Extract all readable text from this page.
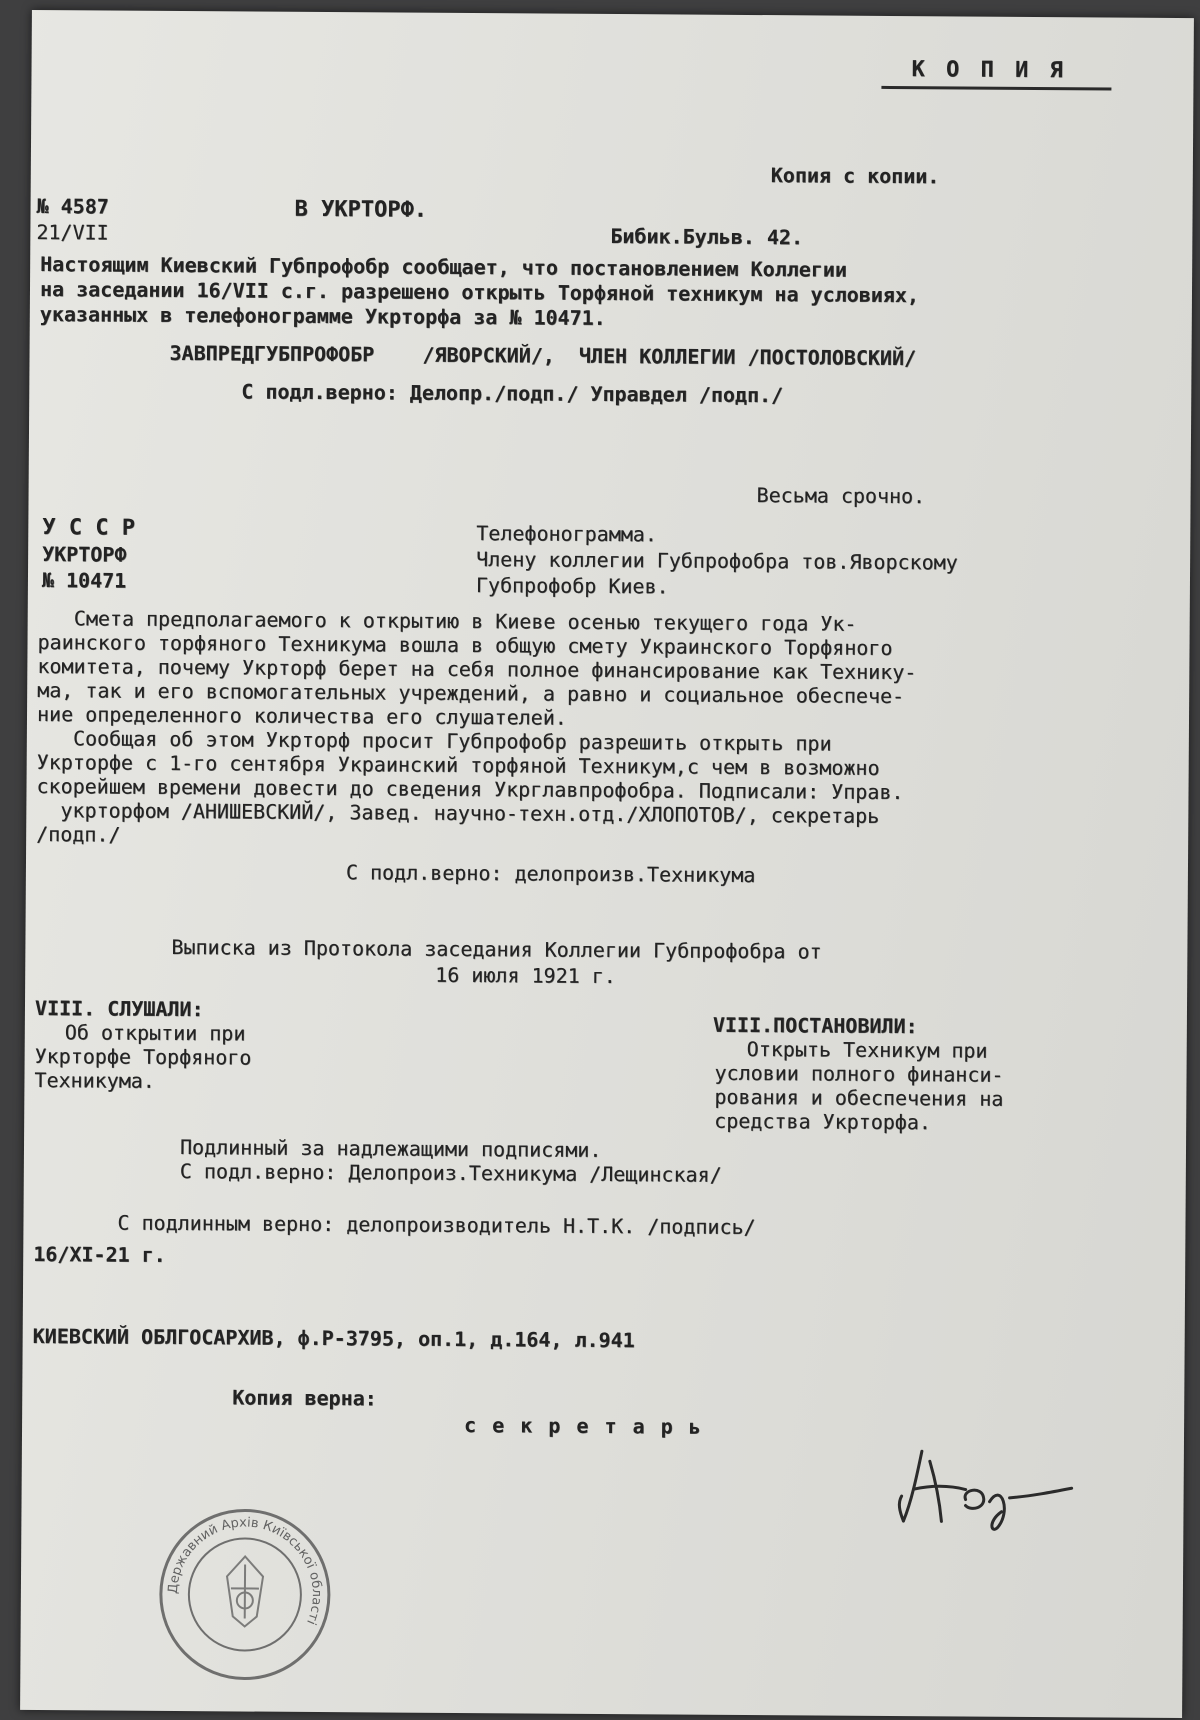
К О П И Я
Копия с копии.
№ 4587
21/VII
В УКРТОРФ.
Бибик.Бульв. 42.
Настоящим Киевский Губпрофобр сообщает, что постановлением Коллегии
на заседании 16/VII с.г. разрешено открыть Торфяной техникум на условиях,
указанных в телефонограмме Укрторфа за № 10471.
ЗАВПРЕДГУБПРОФОБР    /ЯВОРСКИЙ/,  ЧЛЕН КОЛЛЕГИИ /ПОСТОЛОВСКИЙ/
С подл.верно: Делопр./подп./ Управдел /подп./
Весьма срочно.
У С С Р
УКРТОРФ
№ 10471
Телефонограмма.
Члену коллегии Губпрофобра тов.Яворскому
Губпрофобр Киев.
Смета предполагаемого к открытию в Киеве осенью текущего года Ук-
раинского торфяного Техникума вошла в общую смету Украинского Торфяного
комитета, почему Укрторф берет на себя полное финансирование как Технику-
ма, так и его вспомогательных учреждений, а равно и социальное обеспече-
ние определенного количества его слушателей.
Сообщая об этом Укрторф просит Губпрофобр разрешить открыть при
Укрторфе с 1-го сентября Украинский торфяной Техникум,с чем в возможно
скорейшем времени довести до сведения Укрглавпрофобра. Подписали: Управ.
укрторфом /АНИШЕВСКИЙ/, Завед. научно-техн.отд./ХЛОПОТОВ/, секретарь
/подп./
С подл.верно: делопроизв.Техникума
Выписка из Протокола заседания Коллегии Губпрофобра от
16 июля 1921 г.
VIII. СЛУШАЛИ:
Об открытии при
Укрторфе Торфяного
Техникума.
VIII.ПОСТАНОВИЛИ:
Открыть Техникум при
условии полного финанси-
рования и обеспечения на
средства Укрторфа.
Подлинный за надлежащими подписями.
С подл.верно: Делопроиз.Техникума /Лещинская/
С подлинным верно: делопроизводитель Н.Т.К. /подпись/
16/XI-21 г.
КИЕВСКИЙ ОБЛГОСАРХИВ, ф.Р-3795, оп.1, д.164, л.941
Копия верна:
с е к р е т а р ь
Державний Архів Київської області
